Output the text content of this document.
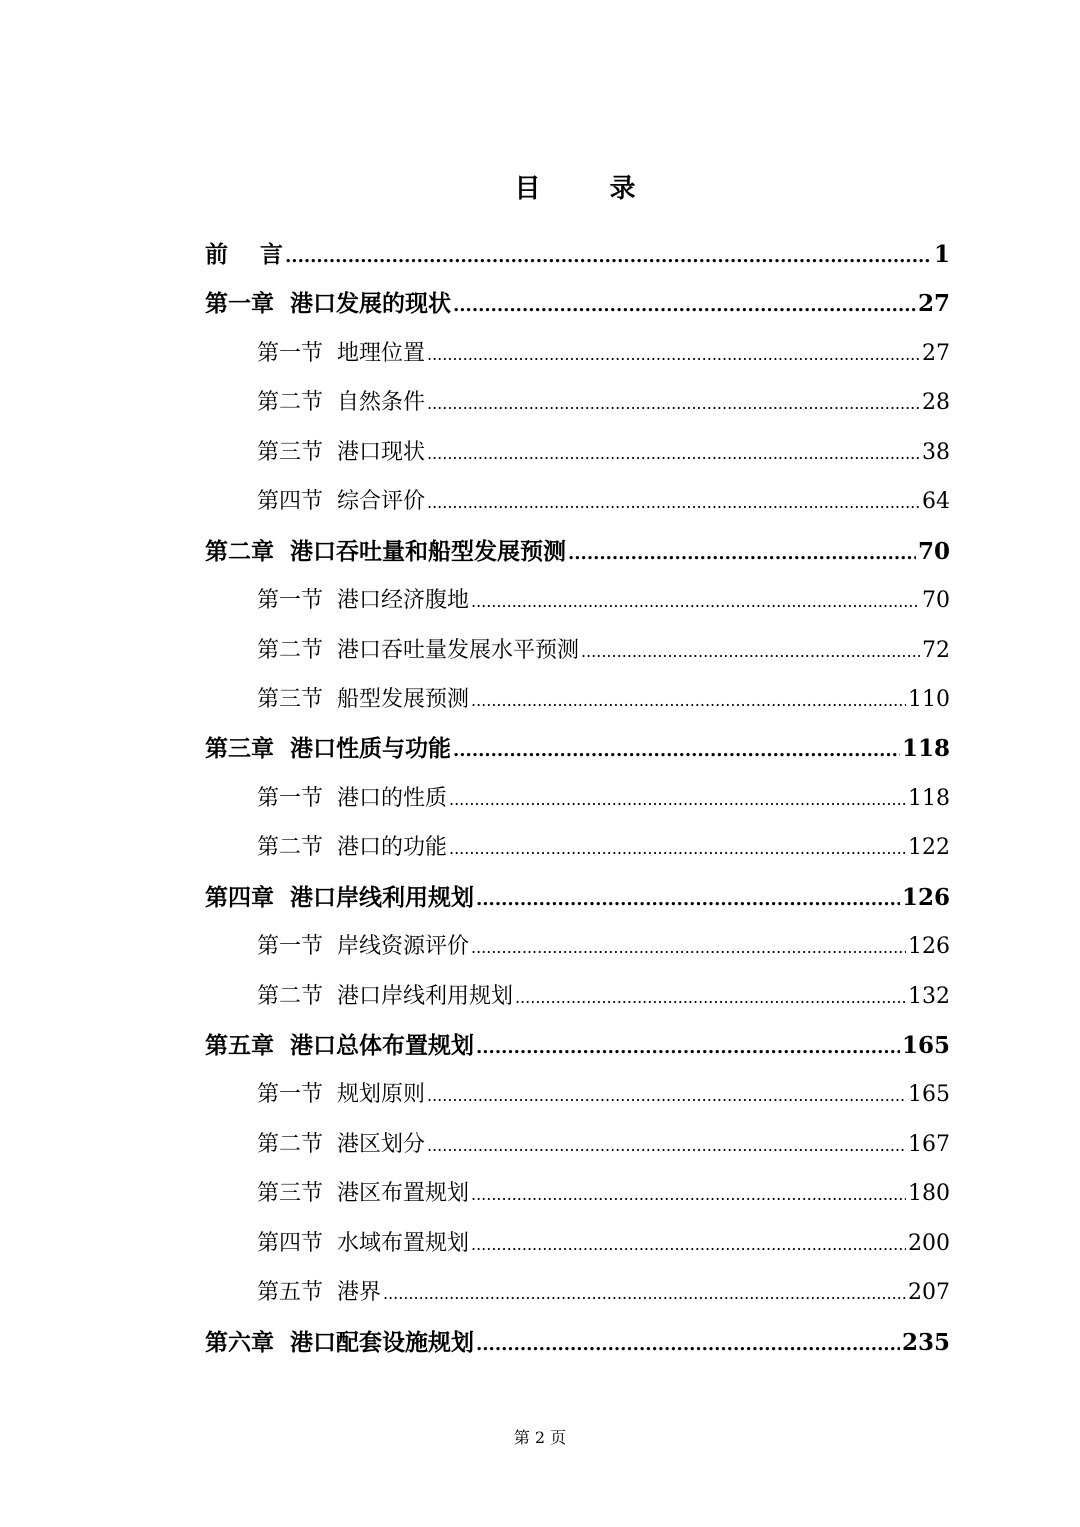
目 录
前    言 .....	1
第一章  港口发展的现状 .....	27
第一节  地理位置 .....	27
第二节  自然条件 .....	28
第三节  港口现状 .....	38
第四节  综合评价 .....	64
第二章  港口吞吐量和船型发展预测 .....	70
第一节  港口经济腹地 .....	70
第二节  港口吞吐量发展水平预测 .....	72
第三节  船型发展预测 .....	110
第三章  港口性质与功能 .....	118
第一节  港口的性质 .....	118
第二节  港口的功能 .....	122
第四章  港口岸线利用规划 .....	126
第一节  岸线资源评价 .....	126
第二节  港口岸线利用规划 .....	132
第五章  港口总体布置规划 .....	165
第一节  规划原则 .....	165
第二节  港区划分 .....	167
第三节  港区布置规划 .....	180
第四节  水域布置规划 .....	200
第五节  港界 .....	207
第六章  港口配套设施规划 .....	235
第 2 页
